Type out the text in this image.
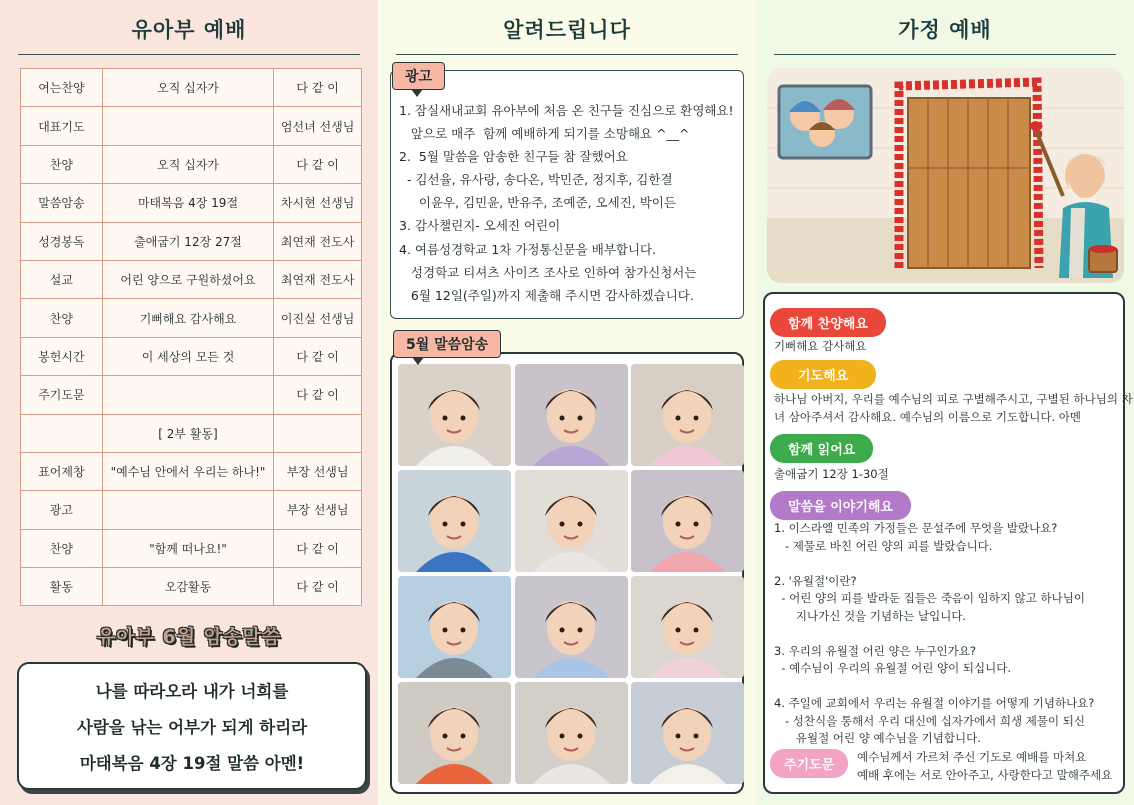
유아부 예배
여는찬양	오직 십자가	다 같 이
대표기도		엄선녀 선생님
찬양	오직 십자가	다 같 이
말씀암송	마태복음 4장 19절	차시현 선생님
성경봉독	출애굽기 12장 27절	최연재 전도사
설교	어린 양으로 구원하셨어요	최연재 전도사
찬양	기뻐해요 감사해요	이진실 선생님
봉헌시간	이 세상의 모든 것	다 같 이
주기도문		다 같 이
	[ 2부 활동]	
표어제창	"예수님 안에서 우리는 하나!"	부장 선생님
광고		부장 선생님
찬양	"함께 떠나요!"	다 같 이
활동	오감활동	다 같 이
유아부 6월 암송말씀
나를 따라오라 내가 너희를
사람을 낚는 어부가 되게 하리라
마태복음 4장 19절 말씀 아멘!
알려드립니다
광고
1. 잠실새내교회 유아부에 처음 온 친구들 진심으로 환영해요!
앞으로 매주  함께 예배하게 되기를 소망해요 ^__^
2.  5월 말씀을 암송한 친구들 참 잘했어요
- 김선율, 유사랑, 송다온, 박민준, 정지후, 김한결
이윤우, 김민윤, 반유주, 조예준, 오세진, 박이든
3. 감사챌린지- 오세진 어린이
4. 여름성경학교 1차 가정통신문을 배부합니다.
성경학교 티셔츠 사이즈 조사로 인하여 참가신청서는
6월 12일(주일)까지 제출해 주시면 감사하겠습니다.
5월 말씀암송
가정 예배
함께 찬양해요
기뻐해요 감사해요
기도해요
하나님 아버지, 우리를 예수님의 피로 구별해주시고, 구별된 하나님의 자
녀 삼아주셔서 감사해요. 예수님의 이름으로 기도합니다. 아멘
함께 읽어요
출애굽기 12장 1-30절
말씀을 이야기해요
1. 이스라엘 민족의 가정들은 문설주에 무엇을 발랐나요?
- 제물로 바친 어린 양의 피를 발랐습니다.
2. '유월절'이란?
- 어린 양의 피를 발라둔 집들은 죽음이 임하지 않고 하나님이
지나가신 것을 기념하는 날입니다.
3. 우리의 유월절 어린 양은 누구인가요?
- 예수님이 우리의 유월절 어린 양이 되십니다.
4. 주일에 교회에서 우리는 유월절 이야기를 어떻게 기념하나요?
- 성찬식을 통해서 우리 대신에 십자가에서 희생 제물이 되신
유월절 어린 양 예수님을 기념합니다.
주기도문
예수님께서 가르쳐 주신 기도로 예배를 마쳐요
예배 후에는 서로 안아주고, 사랑한다고 말해주세요
